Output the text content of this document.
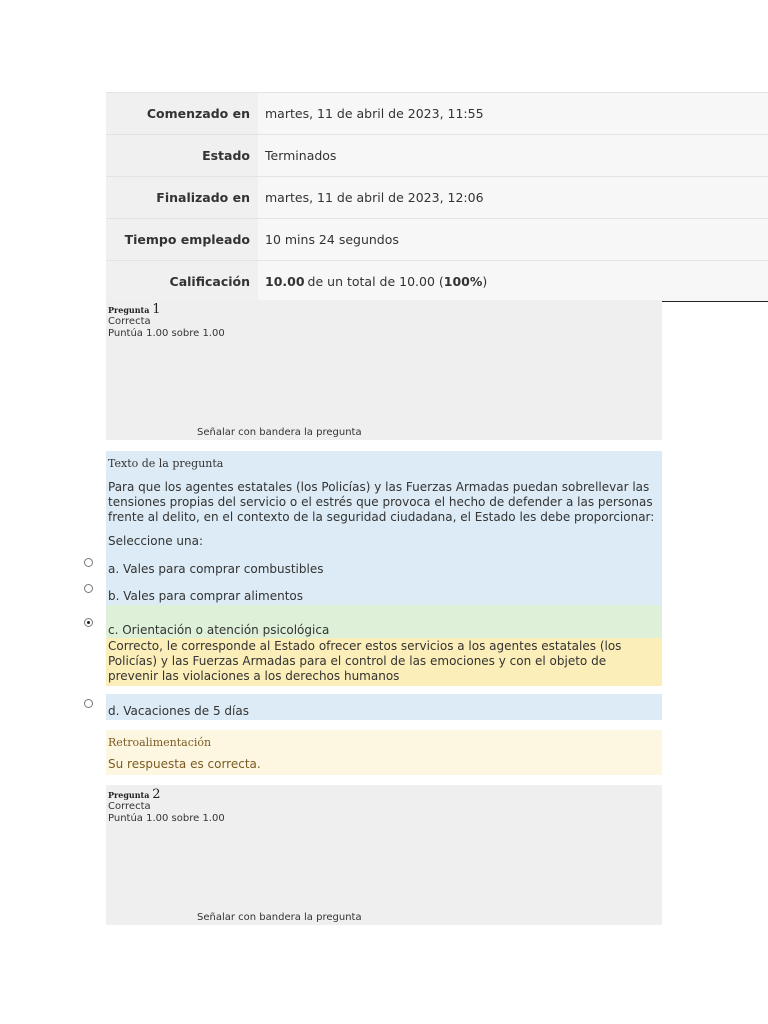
Comenzado en	martes, 11 de abril de 2023, 11:55
Estado	Terminados
Finalizado en	martes, 11 de abril de 2023, 12:06
Tiempo empleado	10 mins 24 segundos
Calificación	10.00 de un total de 10.00 ( 100% )
Pregunta 1
Correcta
Puntúa 1.00 sobre 1.00
Señalar con bandera la pregunta
Texto de la pregunta
Para que los agentes estatales (los Policías) y las Fuerzas Armadas puedan sobrellevar las tensiones propias del servicio o el estrés que provoca el hecho de defender a las personas frente al delito, en el contexto de la seguridad ciudadana, el Estado les debe proporcionar:
Seleccione una:
a. Vales para comprar combustibles
b. Vales para comprar alimentos
c. Orientación o atención psicológica
Correcto, le corresponde al Estado ofrecer estos servicios a los agentes estatales (los Policías) y las Fuerzas Armadas para el control de las emociones y con el objeto de prevenir las violaciones a los derechos humanos
d. Vacaciones de 5 días
Retroalimentación
Su respuesta es correcta.
Pregunta 2
Correcta
Puntúa 1.00 sobre 1.00
Señalar con bandera la pregunta
